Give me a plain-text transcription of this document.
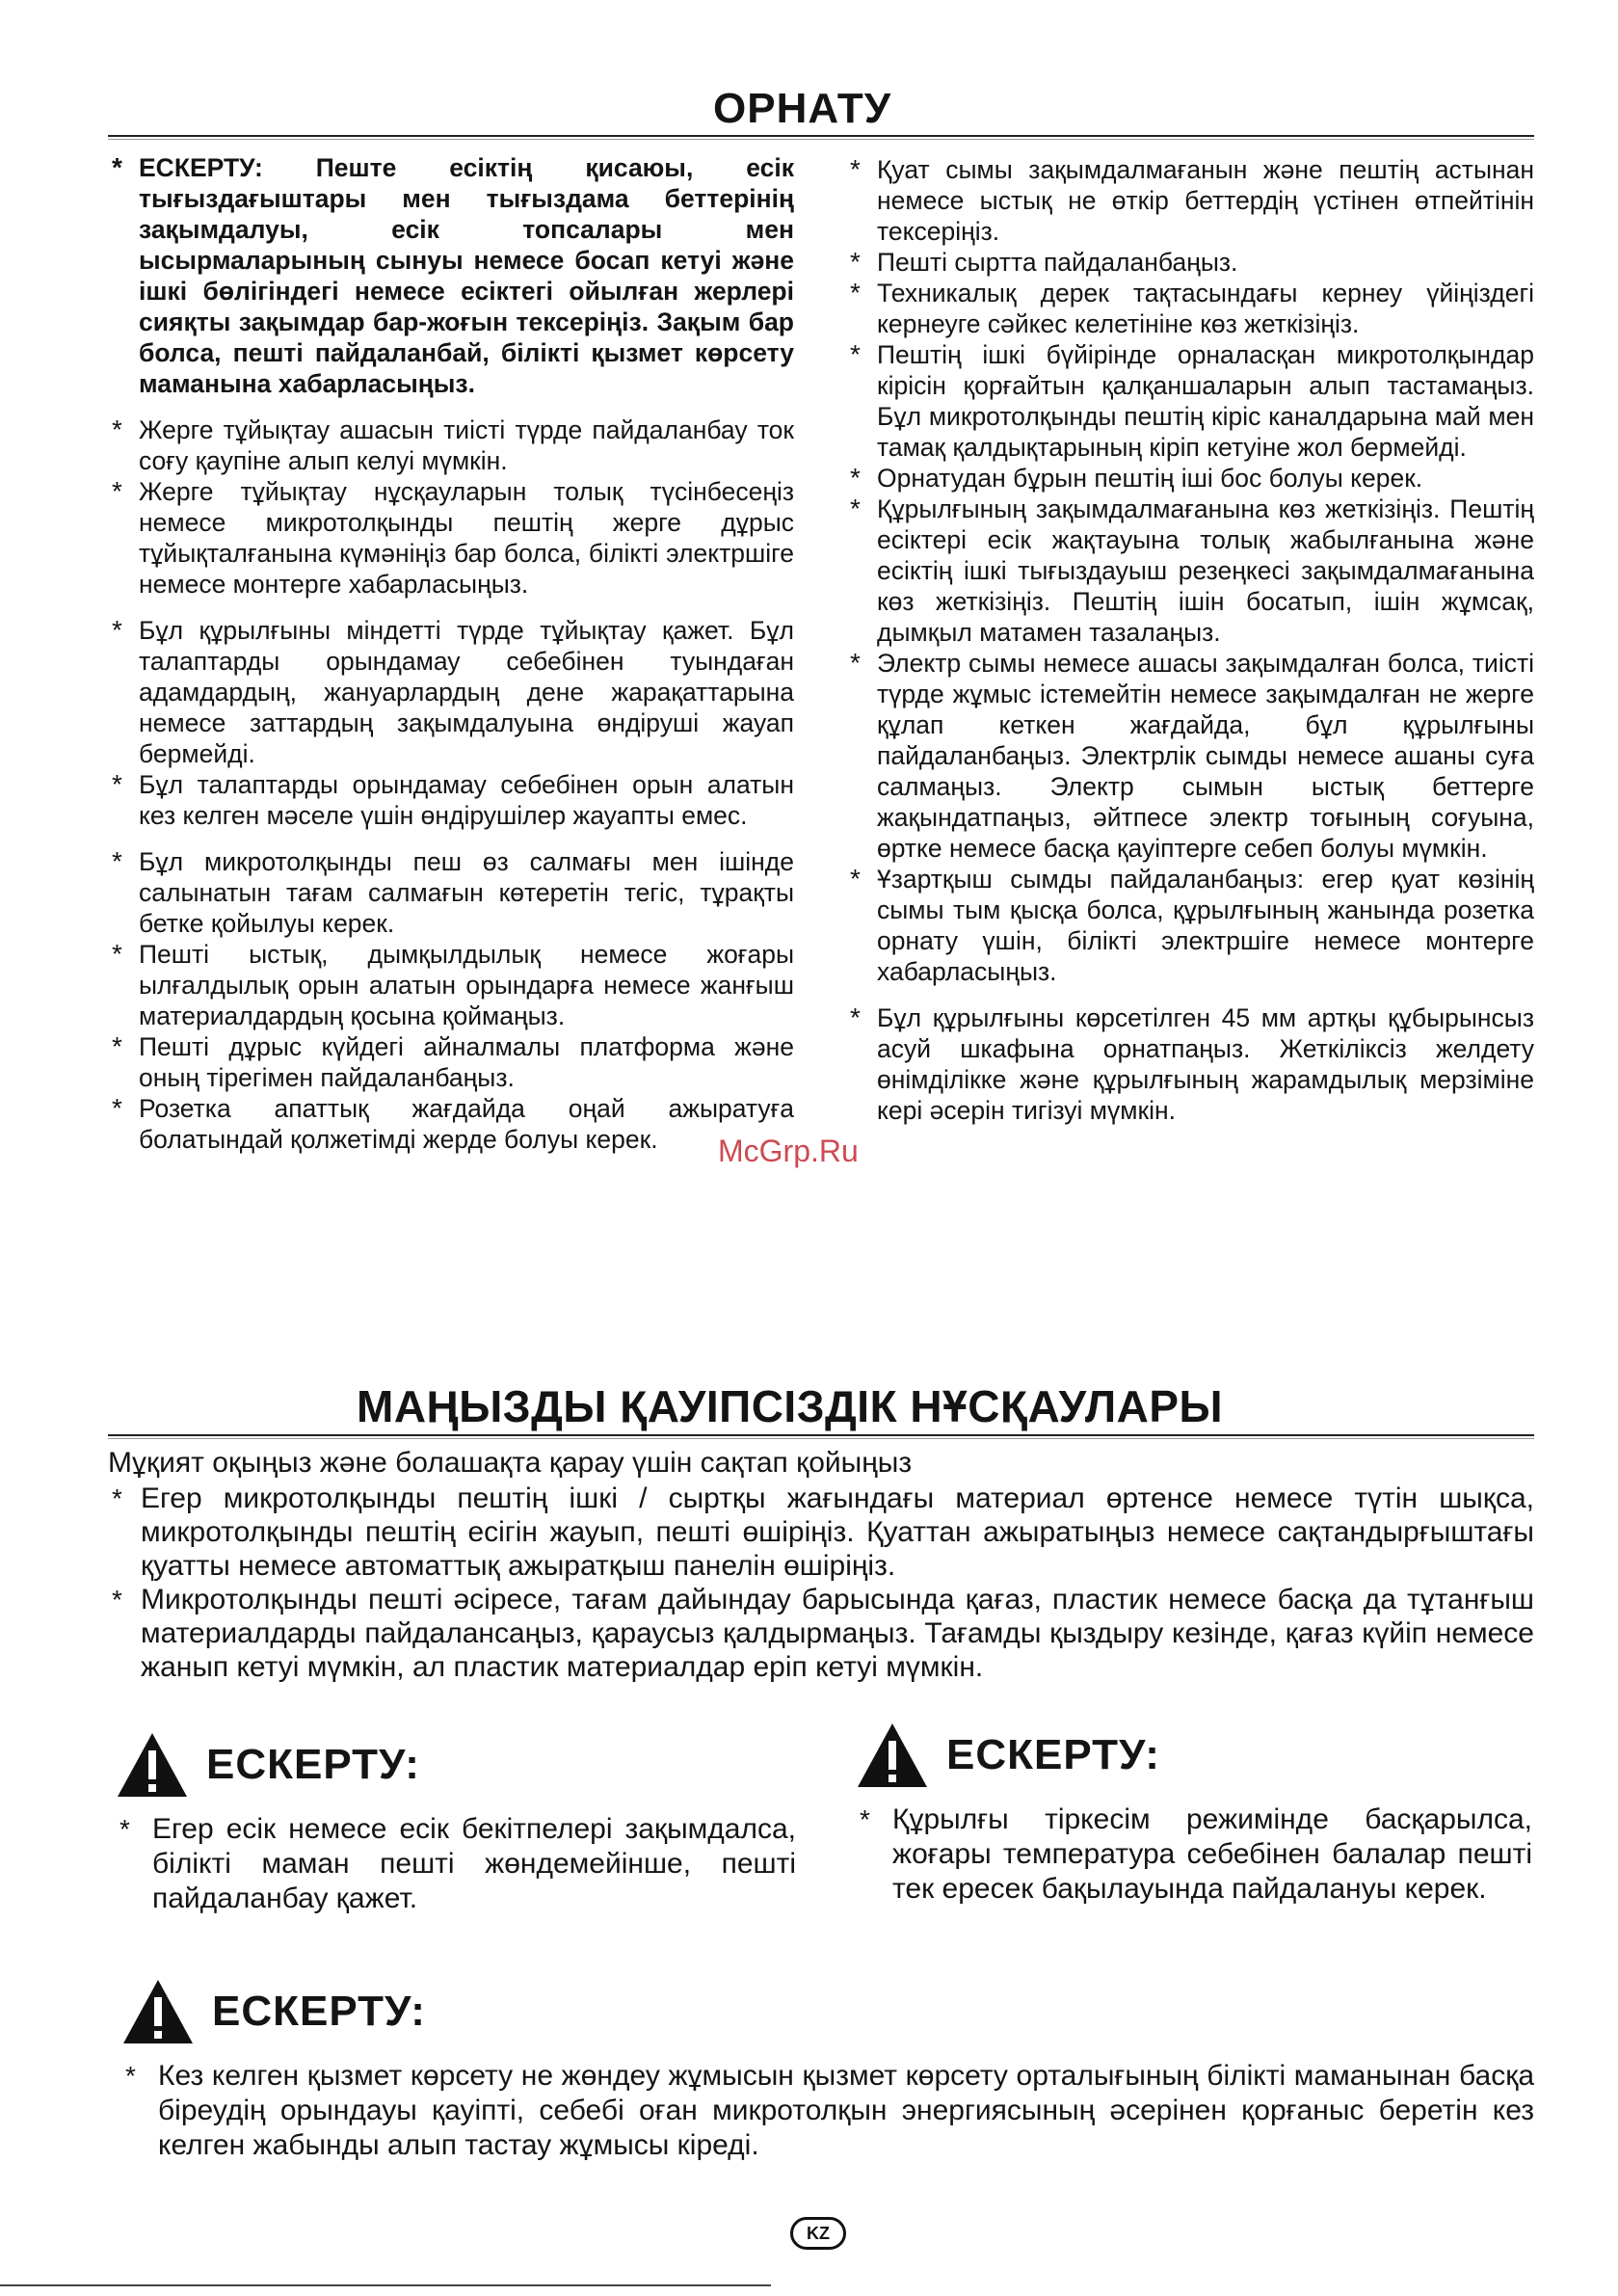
ОРНАТУ
* ЕСКЕРТУ: Пеште есіктің қисаюы, есік тығыздағыштары мен тығыздама беттерінің зақымдалуы, есік топсалары мен ысырмаларының сынуы немесе босап кетуі және ішкі бөлігіндегі немесе есіктегі ойылған жерлері сияқты зақымдар бар-жоғын тексеріңіз. Зақым бар болса, пешті пайдаланбай, білікті қызмет көрсету маманына хабарласыңыз.
* Жерге тұйықтау ашасын тиісті түрде пайдаланбау ток соғу қаупіне алып келуі мүмкін.
* Жерге тұйықтау нұсқауларын толық түсінбесеңіз немесе микротолқынды пештің жерге дұрыс тұйықталғанына күмәніңіз бар болса, білікті электршіге немесе монтерге хабарласыңыз.
* Бұл құрылғыны міндетті түрде тұйықтау қажет. Бұл талаптарды орындамау себебінен туындаған адамдардың, жануарлардың дене жарақаттарына немесе заттардың зақымдалуына өндіруші жауап бермейді.
* Бұл талаптарды орындамау себебінен орын алатын кез келген мәселе үшін өндірушілер жауапты емес.
* Бұл микротолқынды пеш өз салмағы мен ішінде салынатын тағам салмағын көтеретін тегіс, тұрақты бетке қойылуы керек.
* Пешті ыстық, дымқылдылық немесе жоғары ылғалдылық орын алатын орындарға немесе жанғыш материалдардың қосына қоймаңыз.
* Пешті дұрыс күйдегі айналмалы платформа және оның тірегімен пайдаланбаңыз.
* Розетка апаттық жағдайда оңай ажыратуға болатындай қолжетімді жерде болуы керек.
* Қуат сымы зақымдалмағанын және пештің астынан немесе ыстық не өткір беттердің үстінен өтпейтінін тексеріңіз.
* Пешті сыртта пайдаланбаңыз.
* Техникалық дерек тақтасындағы кернеу үйіңіздегі кернеуге сәйкес келетініне көз жеткізіңіз.
* Пештің ішкі бүйірінде орналасқан микротолқындар кірісін қорғайтын қалқаншаларын алып тастамаңыз. Бұл микротолқынды пештің кіріс каналдарына май мен тамақ қалдықтарының кіріп кетуіне жол бермейді.
* Орнатудан бұрын пештің іші бос болуы керек.
* Құрылғының зақымдалмағанына көз жеткізіңіз. Пештің есіктері есік жақтауына толық жабылғанына және есіктің ішкі тығыздауыш резеңкесі зақымдалмағанына көз жеткізіңіз. Пештің ішін босатып, ішін жұмсақ, дымқыл матамен тазалаңыз.
* Электр сымы немесе ашасы зақымдалған болса, тиісті түрде жұмыс істемейтін немесе зақымдалған не жерге құлап кеткен жағдайда, бұл құрылғыны пайдаланбаңыз. Электрлік сымды немесе ашаны суға салмаңыз. Электр сымын ыстық беттерге жақындатпаңыз, әйтпесе электр тоғының соғуына, өртке немесе басқа қауіптерге себеп болуы мүмкін.
* Ұзартқыш сымды пайдаланбаңыз: егер қуат көзінің сымы тым қысқа болса, құрылғының жанында розетка орнату үшін, білікті электршіге немесе монтерге хабарласыңыз.
* Бұл құрылғыны көрсетілген 45 мм артқы құбырынсыз асуй шкафына орнатпаңыз. Жеткіліксіз желдету өнімділікке және құрылғының жарамдылық мерзіміне кері әсерін тигізуі мүмкін.
McGrp.Ru
МАҢЫЗДЫ ҚАУІПСІЗДІК НҰСҚАУЛАРЫ
Мұқият оқыңыз және болашақта қарау үшін сақтап қойыңыз
* Егер микротолқынды пештің ішкі / сыртқы жағындағы материал өртенсе немесе түтін шықса, микротолқынды пештің есігін жауып, пешті өшіріңіз. Қуаттан ажыратыңыз немесе сақтандырғыштағы қуатты немесе автоматтық ажыратқыш панелін өшіріңіз.
* Микротолқынды пешті әсіресе, тағам дайындау барысында қағаз, пластик немесе басқа да тұтанғыш материалдарды пайдалансаңыз, қараусыз қалдырмаңыз. Тағамды қыздыру кезінде, қағаз күйіп немесе жанып кетуі мүмкін, ал пластик материалдар еріп кетуі мүмкін.
ЕСКЕРТУ:
* Егер есік немесе есік бекітпелері зақымдалса, білікті маман пешті жөндемейінше, пешті пайдаланбау қажет.
ЕСКЕРТУ:
* Құрылғы тіркесім режимінде басқарылса, жоғары температура себебінен балалар пешті тек ересек бақылауында пайдалануы керек.
ЕСКЕРТУ:
* Кез келген қызмет көрсету не жөндеу жұмысын қызмет көрсету орталығының білікті маманынан басқа біреудің орындауы қауіпті, себебі оған микротолқын энергиясының әсерінен қорғаныс беретін кез келген жабынды алып тастау жұмысы кіреді.
KZ
